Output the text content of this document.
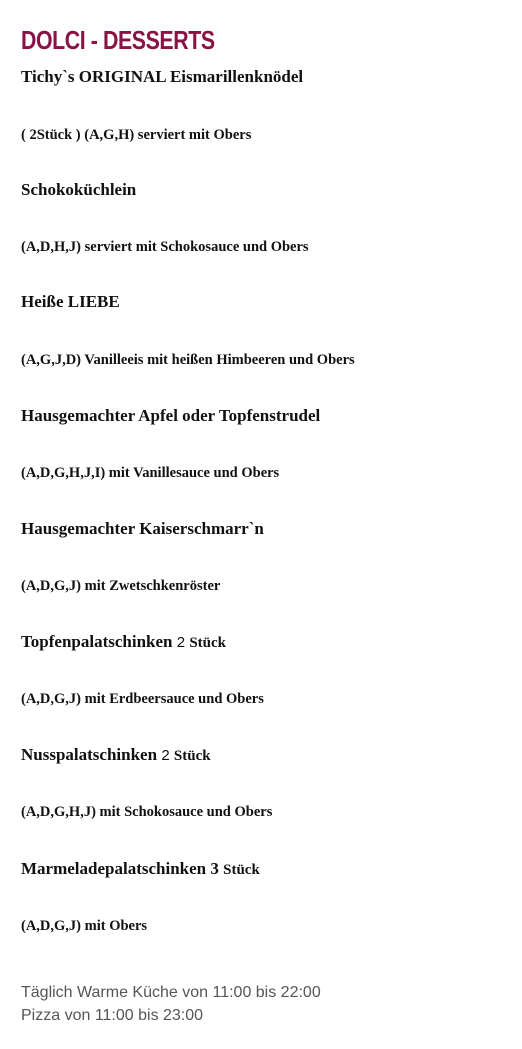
DOLCI - DESSERTS

Tichy`s ORIGINAL Eismarillenknödel

( 2Stück ) (A,G,H) serviert mit Obers

Schokoküchlein

(A,D,H,J) serviert mit Schokosauce und Obers

Heiße LIEBE

(A,G,J,D) Vanilleeis mit heißen Himbeeren und Obers

Hausgemachter Apfel oder Topfenstrudel

(A,D,G,H,J,I) mit Vanillesauce und Obers

Hausgemachter Kaiserschmarr`n

(A,D,G,J) mit Zwetschkenröster

Topfenpalatschinken 2 Stück

(A,D,G,J) mit Erdbeersauce und Obers

Nusspalatschinken 2 Stück

(A,D,G,H,J) mit Schokosauce und Obers

Marmeladepalatschinken 3 Stück

(A,D,G,J) mit Obers

Täglich Warme Küche von 11:00 bis 22:00

Pizza von 11:00 bis 23:00
